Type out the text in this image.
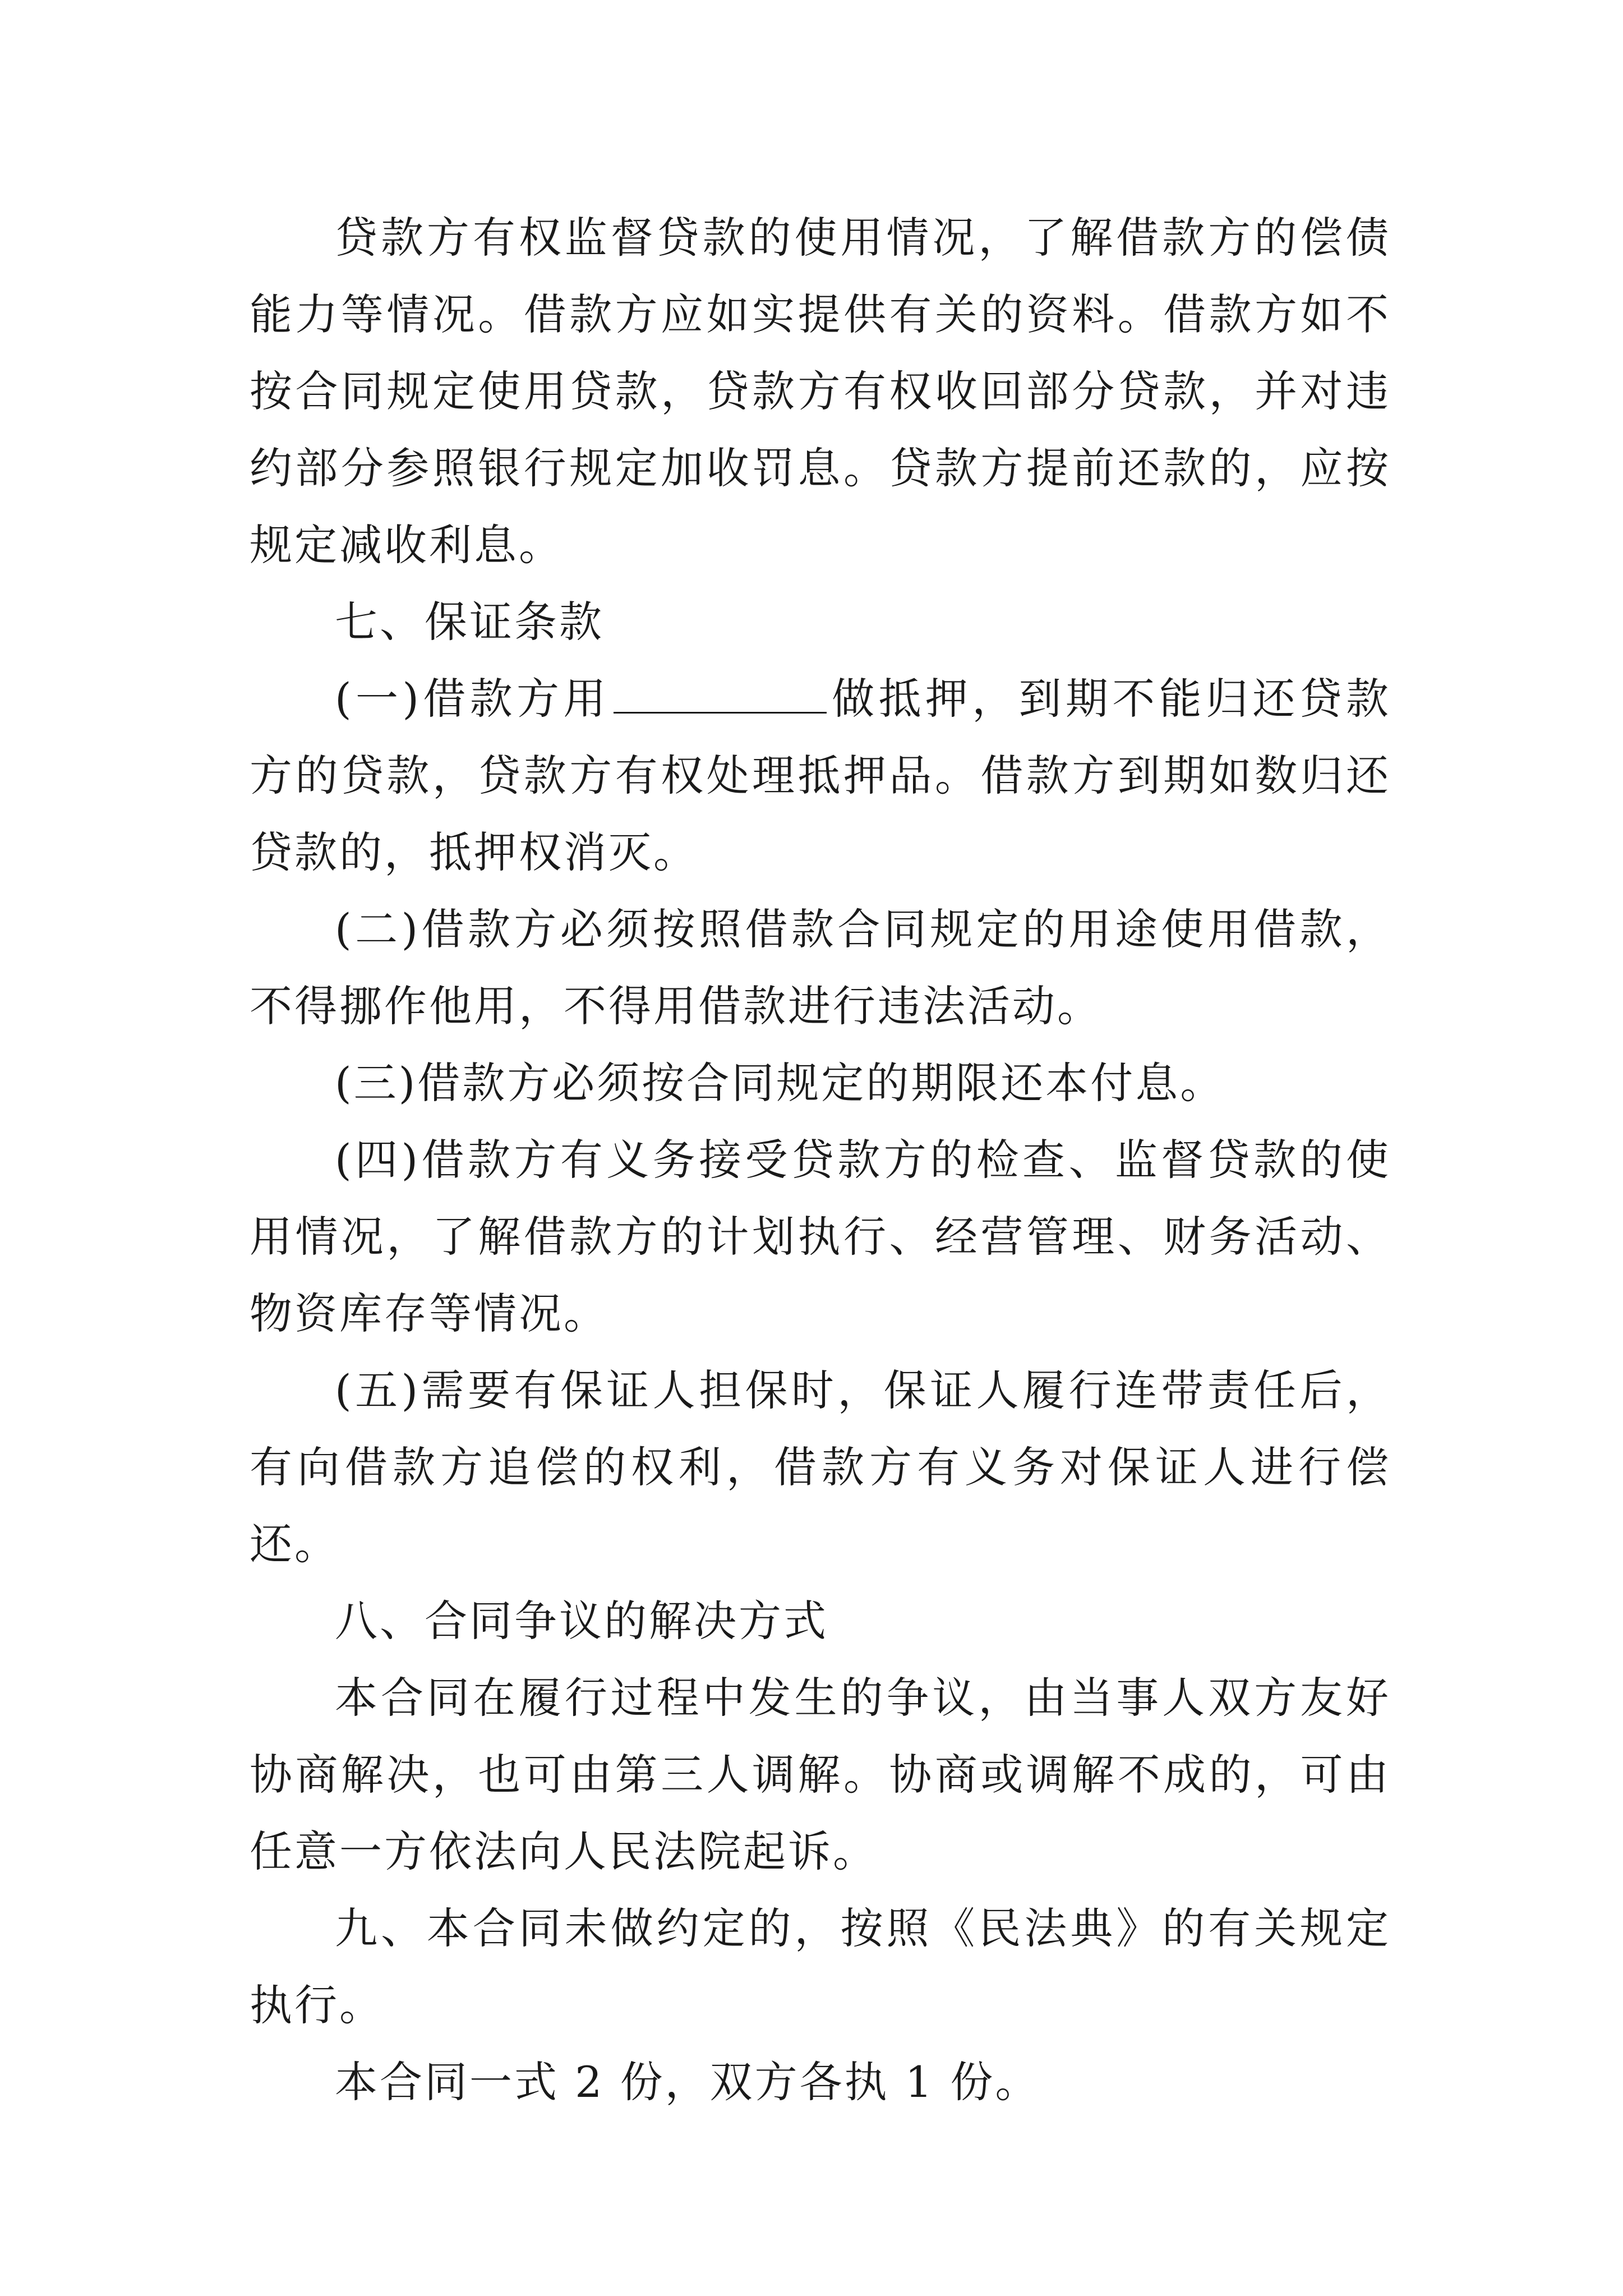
贷款方有权监督贷款的使用情况，了解借款方的偿债能力等情况。借款方应如实提供有关的资料。借款方如不按合同规定使用贷款，贷款方有权收回部分贷款，并对违约部分参照银行规定加收罚息。贷款方提前还款的，应按规定减收利息。

七、保证条款

(一)借款方用	做抵押，到期不能归还贷款方的贷款，贷款方有权处理抵押品。借款方到期如数归还贷款的，抵押权消灭。

(二)借款方必须按照借款合同规定的用途使用借款，不得挪作他用，不得用借款进行违法活动。

(三)借款方必须按合同规定的期限还本付息。

(四)借款方有义务接受贷款方的检查、监督贷款的使用情况，了解借款方的计划执行、经营管理、财务活动、物资库存等情况。

(五)需要有保证人担保时，保证人履行连带责任后，有向借款方追偿的权利，借款方有义务对保证人进行偿还。

八、合同争议的解决方式

本合同在履行过程中发生的争议，由当事人双方友好协商解决，也可由第三人调解。协商或调解不成的，可由任意一方依法向人民法院起诉。

九、本合同未做约定的，按照《民法典》的有关规定执行。

本合同一式 2 份，双方各执 1 份。
